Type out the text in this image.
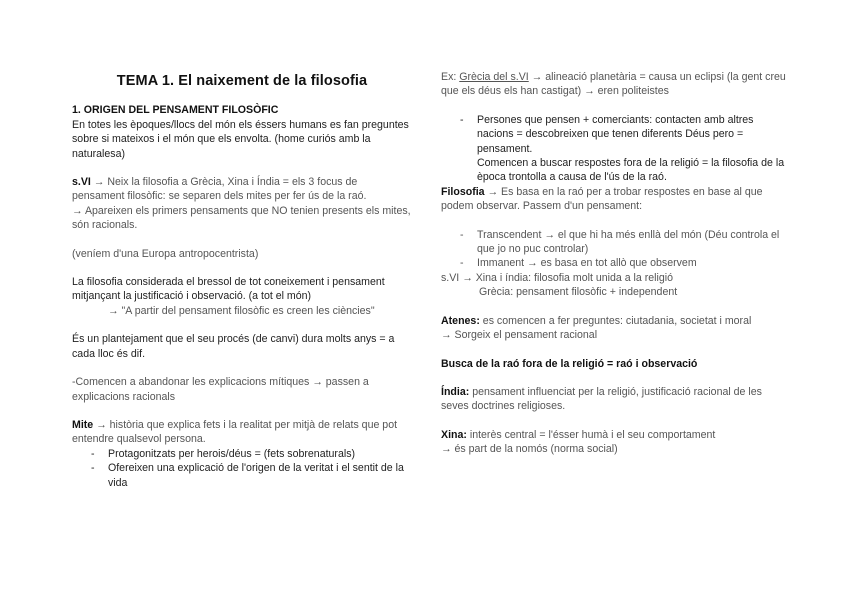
TEMA 1. El naixement de la filosofia
1. ORIGEN DEL PENSAMENT FILOSÒFIC
En totes les èpoques/llocs del món els éssers humans es fan preguntes sobre si mateixos i el món que els envolta. (home curiós amb la naturalesa)
s.VI → Neix la filosofia a Grècia, Xina i Índia = els 3 focus de pensament filosòfic: se separen dels mites per fer ús de la raó.
→ Apareixen els primers pensaments que NO tenien presents els mites, són racionals.
(veníem d'una Europa antropocentrista)
La filosofia considerada el bressol de tot coneixement i pensament mitjançant la justificació i observació. (a tot el món)
→ "A partir del pensament filosòfic es creen les ciències"
És un plantejament que el seu procés (de canvi) dura molts anys = a cada lloc és dif.
-Comencen a abandonar les explicacions mítiques → passen a explicacions racionals
Mite → història que explica fets i la realitat per mitjà de relats que pot entendre qualsevol persona.
- Protagonitzats per herois/déus = (fets sobrenaturals)
- Ofereixen una explicació de l'origen de la veritat i el sentit de la vida
Ex: Grècia del s.VI → alineació planetària = causa un eclipsi (la gent creu que els déus els han castigat) → eren politeistes
- Persones que pensen + comerciants: contacten amb altres nacions = descobreixen que tenen diferents Déus pero = pensament.
Comencen a buscar respostes fora de la religió = la filosofia de la època trontolla a causa de l'ús de la raó.
Filosofia → Es basa en la raó per a trobar respostes en base al que podem observar. Passem d'un pensament:
- Transcendent → el que hi ha més enllà del món (Déu controla el que jo no puc controlar)
- Immanent → es basa en tot allò que observem
s.VI → Xina i índia: filosofia molt unida a la religió
Grècia: pensament filosòfic + independent
Atenes: es comencen a fer preguntes: ciutadania, societat i moral
→ Sorgeix el pensament racional
Busca de la raó fora de la religió = raó i observació
Índia: pensament influenciat per la religió, justificació racional de les seves doctrines religioses.
Xina: interès central = l'ésser humà i el seu comportament
→ és part de la nomós (norma social)
